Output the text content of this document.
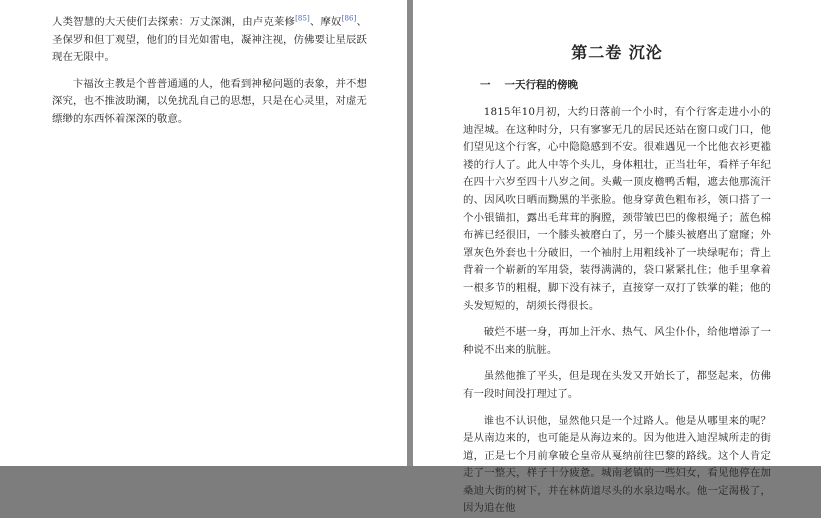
人类智慧的大天使们去探索：万丈深渊，由卢克莱修[85]、摩奴[86]、圣保罗和但丁观望，他们的目光如雷电，凝神注视，仿佛要让星辰跃现在无限中。

卞福汝主教是个普普通通的人，他看到神秘问题的表象，并不想深究，也不推波助澜，以免扰乱自己的思想，只是在心灵里，对虚无缥缈的东西怀着深深的敬意。

第二卷 沉沦
一 一天行程的傍晚

1815年10月初，大约日落前一个小时，有个行客走进小小的迪涅城。在这种时分，只有寥寥无几的居民还站在窗口或门口，他们望见这个行客，心中隐隐感到不安。很难遇见一个比他衣衫更褴褛的行人了。此人中等个头儿，身体粗壮，正当壮年，看样子年纪在四十六岁至四十八岁之间。头戴一顶皮檐鸭舌帽，遮去他那流汗的、因风吹日晒而黝黑的半张脸。他身穿黄色粗布衫，领口搭了一个小银锚扣，露出毛茸茸的胸膛，颈带皱巴巴的像根绳子；蓝色棉布裤已经很旧，一个膝头被磨白了，另一个膝头被磨出了窟窿；外罩灰色外套也十分破旧，一个袖肘上用粗线补了一块绿呢布；背上背着一个崭新的军用袋，装得满满的，袋口紧紧扎住；他手里拿着一根多节的粗棍，脚下没有袜子，直接穿一双打了铁掌的鞋；他的头发短短的，胡须长得很长。

破烂不堪一身，再加上汗水、热气、风尘仆仆，给他增添了一种说不出来的肮脏。

虽然他推了平头，但是现在头发又开始长了，都竖起来，仿佛有一段时间没打理过了。

谁也不认识他，显然他只是一个过路人。他是从哪里来的呢？是从南边来的，也可能是从海边来的。因为他进入迪涅城所走的街道，正是七个月前拿破仑皇帝从戛纳前往巴黎的路线。这个人肯定走了一整天，样子十分疲惫。城南老镇的一些妇女，看见他停在加桑迪大街的树下，并在林荫道尽头的水泉边喝水。他一定渴极了，因为追在他
